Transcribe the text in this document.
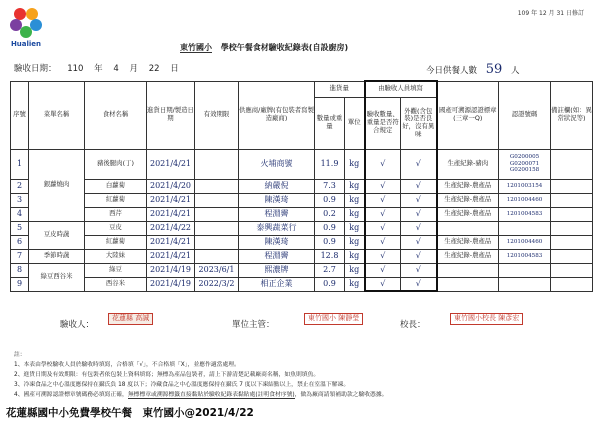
Hualien
109 年 12 月 31 日修訂
東竹國小 學校午餐食材驗收紀錄表(自設廚房)
驗收日期： 110 年 4 月 22 日	今日供餐人數 59 人
序號	菜單名稱	食材名稱	進貨日期/製造日期	有效期限	供應商/廠牌(有包裝者寫製造廠商)	進貨量		由驗收人員填寫		國產可溯源認證標章(三章一Q)	認證號碼	備註欄(如：異常狀況等)
						數量或重量	單位	驗收數量、重量是否符合規定	外觀(含包裝)是否良好，沒有異味			
1	銀蘿燒肉	豬後腿肉(丁)	2021/4/21		火埔商號	11.9	kg	√	√	生產紀錄-豬肉	G0200005
G0200071
G0200158	
2		白蘿蔔	2021/4/20		納嚴倪	7.3	kg	√	√	生產紀錄-農產品	1201003154	
3		紅蘿蔔	2021/4/21		陳漢琦	0.9	kg	√	√	生產紀錄-農產品	1201004460	
4		西芹	2021/4/21		程淵霽	0.2	kg	√	√	生產紀錄-農產品	1201004583	
5	豆皮時蔬	豆皮	2021/4/22		泰興蔬菜行	0.9	kg	√	√			
6		紅蘿蔔	2021/4/21		陳漢琦	0.9	kg	√	√	生產紀錄-農產品	1201004460	
7	季節時蔬	大陸妹	2021/4/21		程淵霽	12.8	kg	√	√	生產紀錄-農產品	1201004583	
8	綠豆西谷米	綠豆	2021/4/19	2023/6/1	熙濃牌	2.7	kg	√	√			
9		西谷米	2021/4/19	2022/3/2	相正企業	0.9	kg	√	√			
驗收人：
花蓮縣 高誠
單位主管：
東竹國小 陳靜瑩
校長：
東竹國小校長 陳彥宏
註：
1、本表由學校驗收人員於驗收時填寫，合格填「√」，不合格填「X」，並應作適當處理。
2、進貨日期及有效期限：有包裝者依包裝上資料填寫；無標為產品包裝者，請上下游清楚記載廠商名稱，如魚則填魚。
3、冷凍食品之中心溫度應保持在攝氏負 18 度以下；冷藏食品之中心溫度應保持在攝氏 7 度以下凍結點以上，禁止在室溫下解凍。
4、國產可溯源認證標章號碼務必填寫正確，無標標章或溯源標籤直接黏貼於驗收紀錄表黏貼處(註明食材序號)，做為廠商請領補助款之驗收憑據。
花蓮縣國中小免費學校午餐　東竹國小@2021/4/22
